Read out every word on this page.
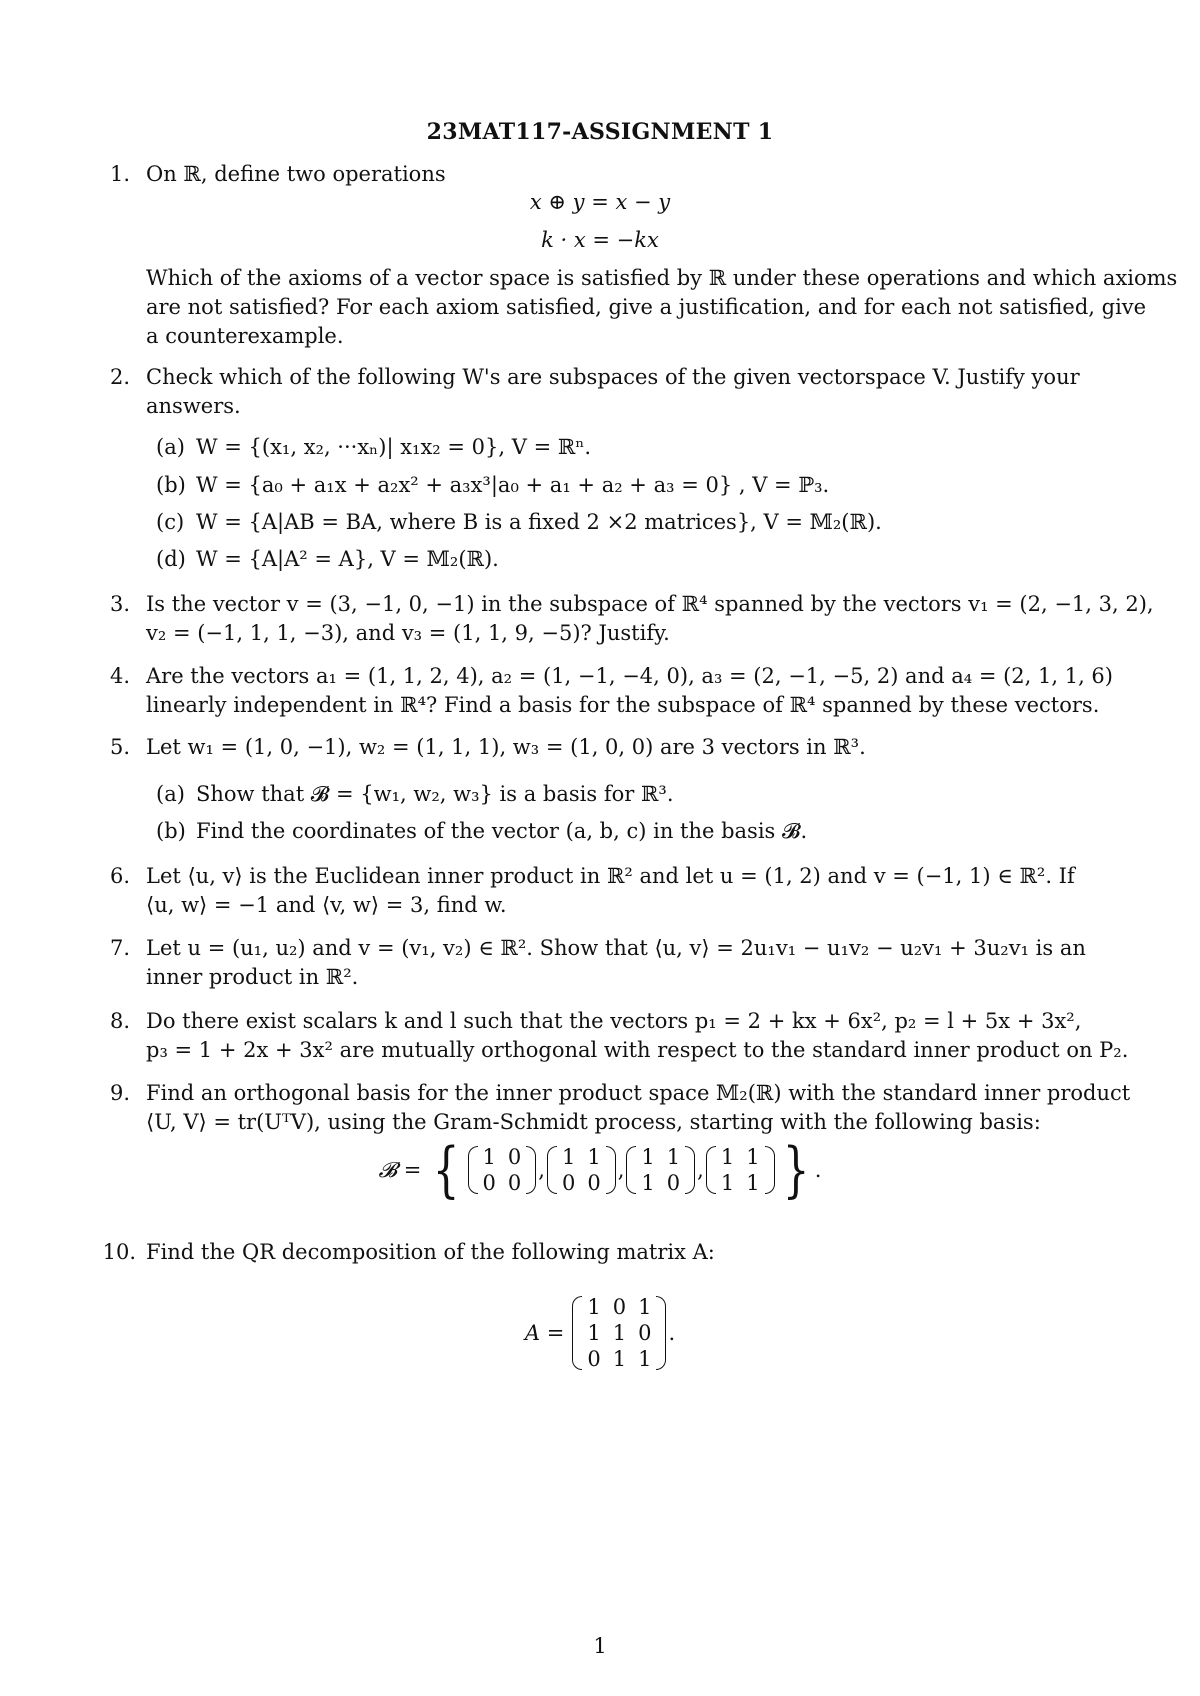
23MAT117-ASSIGNMENT 1
1. On ℝ, define two operations
x ⊕ y = x − y
k · x = −kx
Which of the axioms of a vector space is satisfied by ℝ under these operations and which axioms
are not satisfied? For each axiom satisfied, give a justification, and for each not satisfied, give
a counterexample.
2. Check which of the following W's are subspaces of the given vectorspace V. Justify your
answers.
(a) W = {(x₁, x₂, ···xₙ)| x₁x₂ = 0}, V = ℝⁿ.
(b) W = {a₀ + a₁x + a₂x² + a₃x³|a₀ + a₁ + a₂ + a₃ = 0} , V = ℙ₃.
(c) W = {A|AB = BA, where B is a fixed 2 ×2 matrices}, V = 𝕄₂(ℝ).
(d) W = {A|A² = A}, V = 𝕄₂(ℝ).
3. Is the vector v = (3, −1, 0, −1) in the subspace of ℝ⁴ spanned by the vectors v₁ = (2, −1, 3, 2),
v₂ = (−1, 1, 1, −3), and v₃ = (1, 1, 9, −5)? Justify.
4. Are the vectors a₁ = (1, 1, 2, 4), a₂ = (1, −1, −4, 0), a₃ = (2, −1, −5, 2) and a₄ = (2, 1, 1, 6)
linearly independent in ℝ⁴? Find a basis for the subspace of ℝ⁴ spanned by these vectors.
5. Let w₁ = (1, 0, −1), w₂ = (1, 1, 1), w₃ = (1, 0, 0) are 3 vectors in ℝ³.
(a) Show that 𝓑 = {w₁, w₂, w₃} is a basis for ℝ³.
(b) Find the coordinates of the vector (a, b, c) in the basis 𝓑.
6. Let ⟨u, v⟩ is the Euclidean inner product in ℝ² and let u = (1, 2) and v = (−1, 1) ∈ ℝ². If
⟨u, w⟩ = −1 and ⟨v, w⟩ = 3, find w.
7. Let u = (u₁, u₂) and v = (v₁, v₂) ∈ ℝ². Show that ⟨u, v⟩ = 2u₁v₁ − u₁v₂ − u₂v₁ + 3u₂v₁ is an
inner product in ℝ².
8. Do there exist scalars k and l such that the vectors p₁ = 2 + kx + 6x², p₂ = l + 5x + 3x²,
p₃ = 1 + 2x + 3x² are mutually orthogonal with respect to the standard inner product on P₂.
9. Find an orthogonal basis for the inner product space 𝕄₂(ℝ) with the standard inner product
⟨U, V⟩ = tr(UᵀV), using the Gram-Schmidt process, starting with the following basis:
𝓑 = { 1	0
0	0
,
1	1
0	0
,
1	1
1	0
,
1	1
1	1 } .
10. Find the QR decomposition of the following matrix A:
A =
1	0	1
1	1	0
0	1	1
.
1
